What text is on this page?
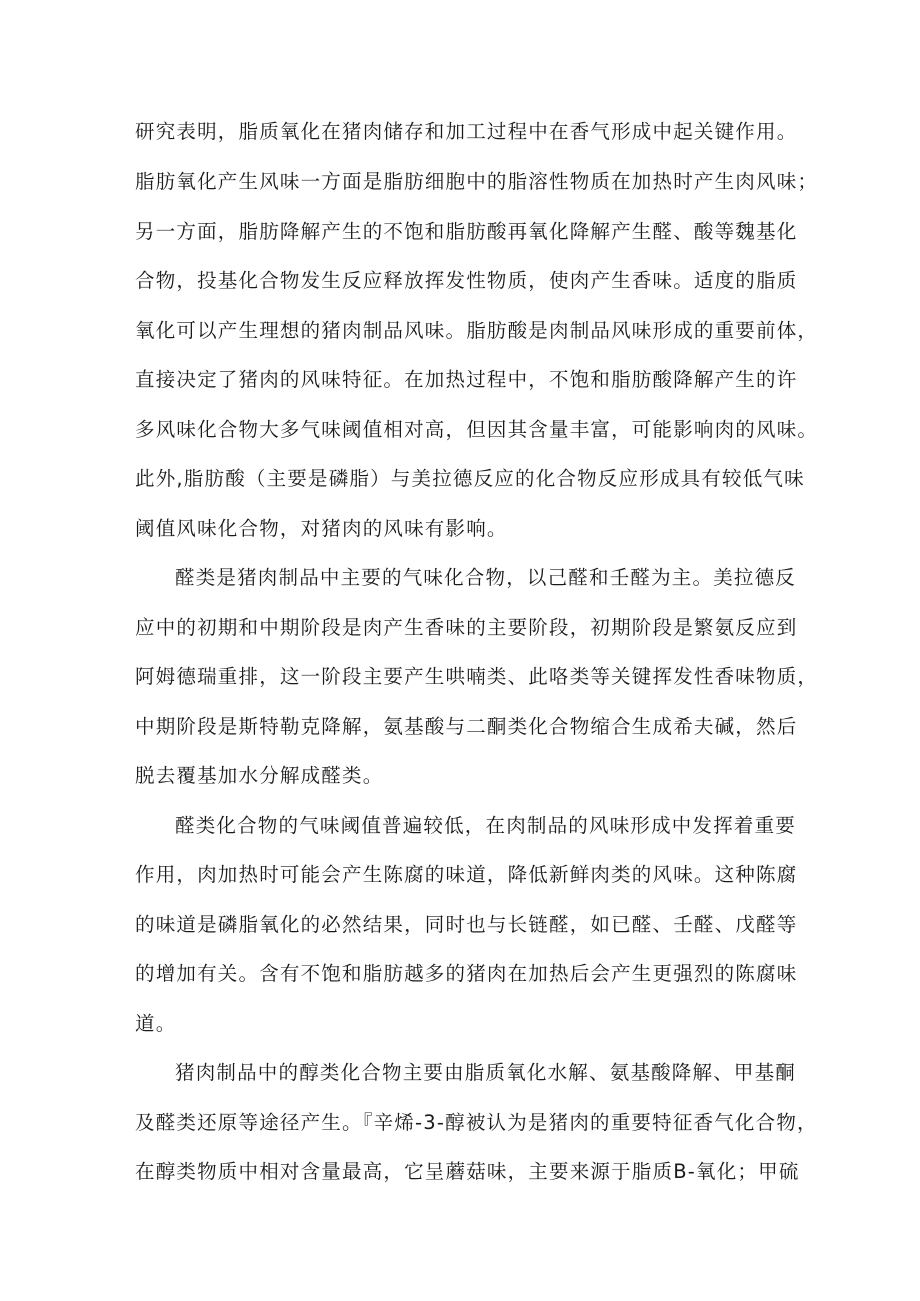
研究表明，脂质氧化在猪肉储存和加工过程中在香气形成中起关键作用。
脂肪氧化产生风味一方面是脂肪细胞中的脂溶性物质在加热时产生肉风味；
另一方面，脂肪降解产生的不饱和脂肪酸再氧化降解产生醛、酸等魏基化
合物，投基化合物发生反应释放挥发性物质，使肉产生香味。适度的脂质
氧化可以产生理想的猪肉制品风味。脂肪酸是肉制品风味形成的重要前体，
直接决定了猪肉的风味特征。在加热过程中，不饱和脂肪酸降解产生的许
多风味化合物大多气味阈值相对高，但因其含量丰富，可能影响肉的风味。
此外,脂肪酸（主要是磷脂）与美拉德反应的化合物反应形成具有较低气味
阈值风味化合物，对猪肉的风味有影响。
醛类是猪肉制品中主要的气味化合物，以己醛和壬醛为主。美拉德反
应中的初期和中期阶段是肉产生香味的主要阶段，初期阶段是繁氨反应到
阿姆德瑞重排，这一阶段主要产生哄喃类、此咯类等关键挥发性香味物质，
中期阶段是斯特勒克降解，氨基酸与二酮类化合物缩合生成希夫碱，然后
脱去覆基加水分解成醛类。
醛类化合物的气味阈值普遍较低，在肉制品的风味形成中发挥着重要
作用，肉加热时可能会产生陈腐的味道，降低新鲜肉类的风味。这种陈腐
的味道是磷脂氧化的必然结果，同时也与长链醛，如已醛、壬醛、戊醛等
的增加有关。含有不饱和脂肪越多的猪肉在加热后会产生更强烈的陈腐味
道。
猪肉制品中的醇类化合物主要由脂质氧化水解、氨基酸降解、甲基酮
及醛类还原等途径产生。『辛烯-3-醇被认为是猪肉的重要特征香气化合物，
在醇类物质中相对含量最高，它呈蘑菇味，主要来源于脂质B-氧化；甲硫
